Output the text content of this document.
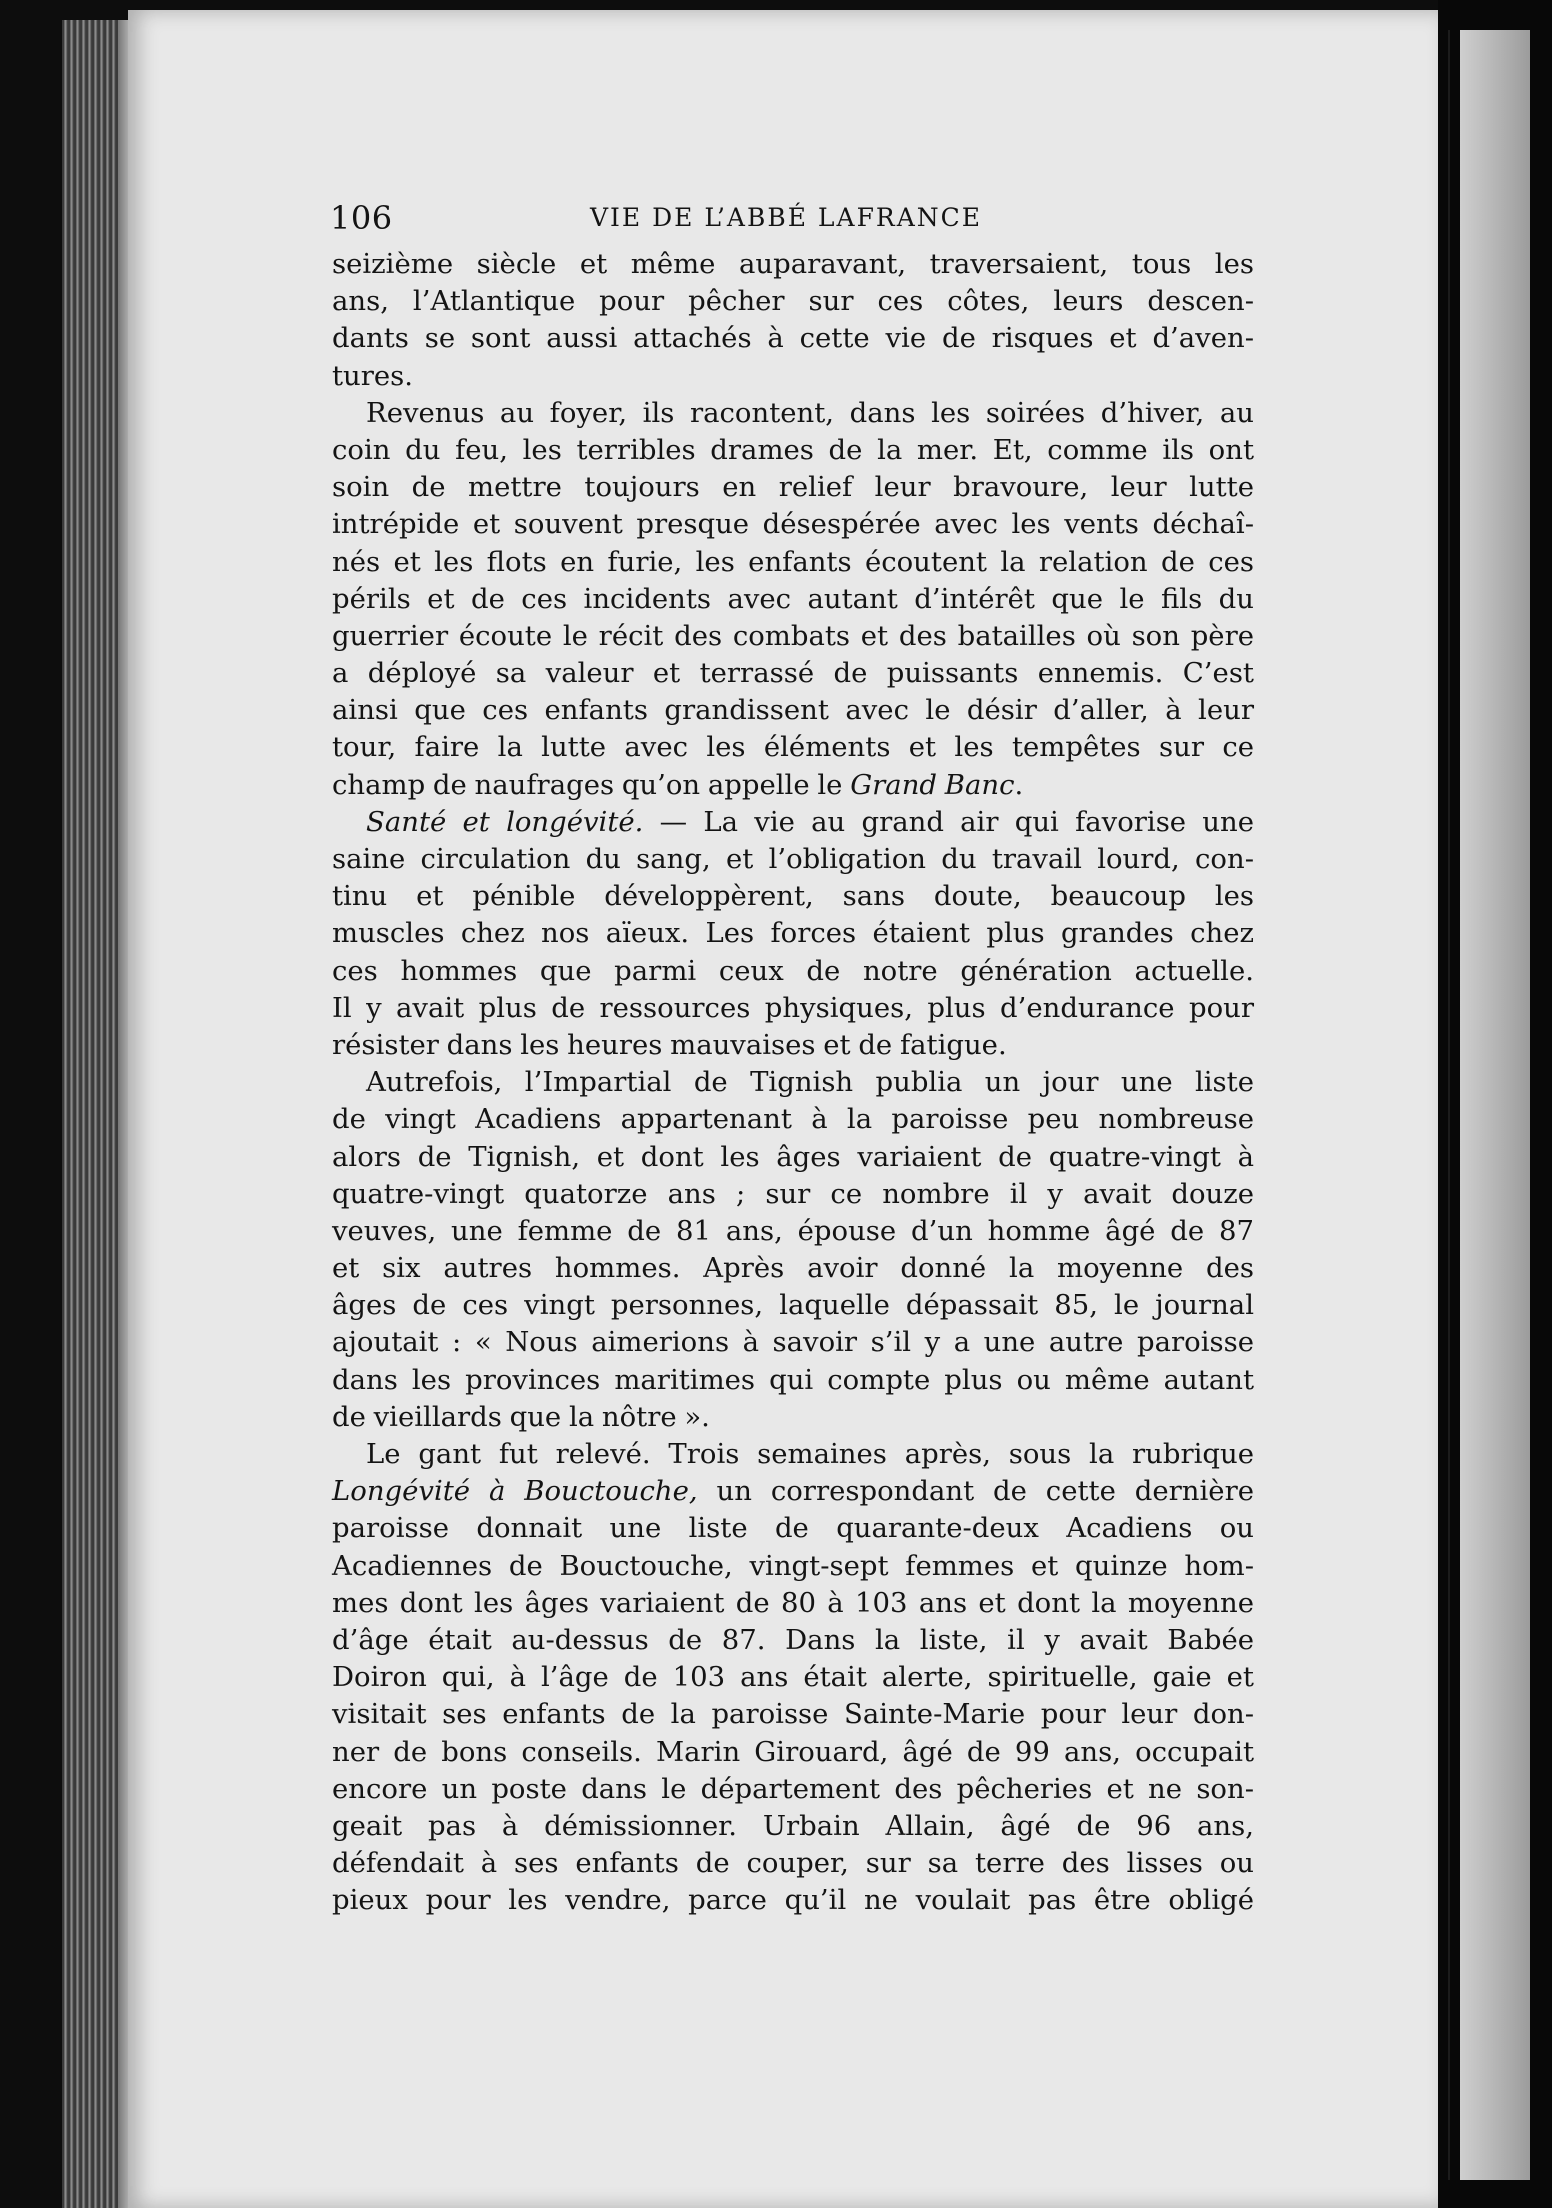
106	VIE DE L’ABBÉ LAFRANCE
seizième siècle et même auparavant, traversaient, tous les
ans, l’Atlantique pour pêcher sur ces côtes, leurs descen-
dants se sont aussi attachés à cette vie de risques et d’aven-
tures.
Revenus au foyer, ils racontent, dans les soirées d’hiver, au
coin du feu, les terribles drames de la mer. Et, comme ils ont
soin de mettre toujours en relief leur bravoure, leur lutte
intrépide et souvent presque désespérée avec les vents déchaî-
nés et les flots en furie, les enfants écoutent la relation de ces
périls et de ces incidents avec autant d’intérêt que le fils du
guerrier écoute le récit des combats et des batailles où son père
a déployé sa valeur et terrassé de puissants ennemis. C’est
ainsi que ces enfants grandissent avec le désir d’aller, à leur
tour, faire la lutte avec les éléments et les tempêtes sur ce
champ de naufrages qu’on appelle le Grand Banc.
Santé et longévité. — La vie au grand air qui favorise une
saine circulation du sang, et l’obligation du travail lourd, con-
tinu et pénible développèrent, sans doute, beaucoup les
muscles chez nos aïeux. Les forces étaient plus grandes chez
ces hommes que parmi ceux de notre génération actuelle.
Il y avait plus de ressources physiques, plus d’endurance pour
résister dans les heures mauvaises et de fatigue.
Autrefois, l’Impartial de Tignish publia un jour une liste
de vingt Acadiens appartenant à la paroisse peu nombreuse
alors de Tignish, et dont les âges variaient de quatre-vingt à
quatre-vingt quatorze ans ; sur ce nombre il y avait douze
veuves, une femme de 81 ans, épouse d’un homme âgé de 87
et six autres hommes. Après avoir donné la moyenne des
âges de ces vingt personnes, laquelle dépassait 85, le journal
ajoutait : « Nous aimerions à savoir s’il y a une autre paroisse
dans les provinces maritimes qui compte plus ou même autant
de vieillards que la nôtre ».
Le gant fut relevé. Trois semaines après, sous la rubrique
Longévité à Bouctouche, un correspondant de cette dernière
paroisse donnait une liste de quarante-deux Acadiens ou
Acadiennes de Bouctouche, vingt-sept femmes et quinze hom-
mes dont les âges variaient de 80 à 103 ans et dont la moyenne
d’âge était au-dessus de 87. Dans la liste, il y avait Babée
Doiron qui, à l’âge de 103 ans était alerte, spirituelle, gaie et
visitait ses enfants de la paroisse Sainte-Marie pour leur don-
ner de bons conseils. Marin Girouard, âgé de 99 ans, occupait
encore un poste dans le département des pêcheries et ne son-
geait pas à démissionner. Urbain Allain, âgé de 96 ans,
défendait à ses enfants de couper, sur sa terre des lisses ou
pieux pour les vendre, parce qu’il ne voulait pas être obligé
